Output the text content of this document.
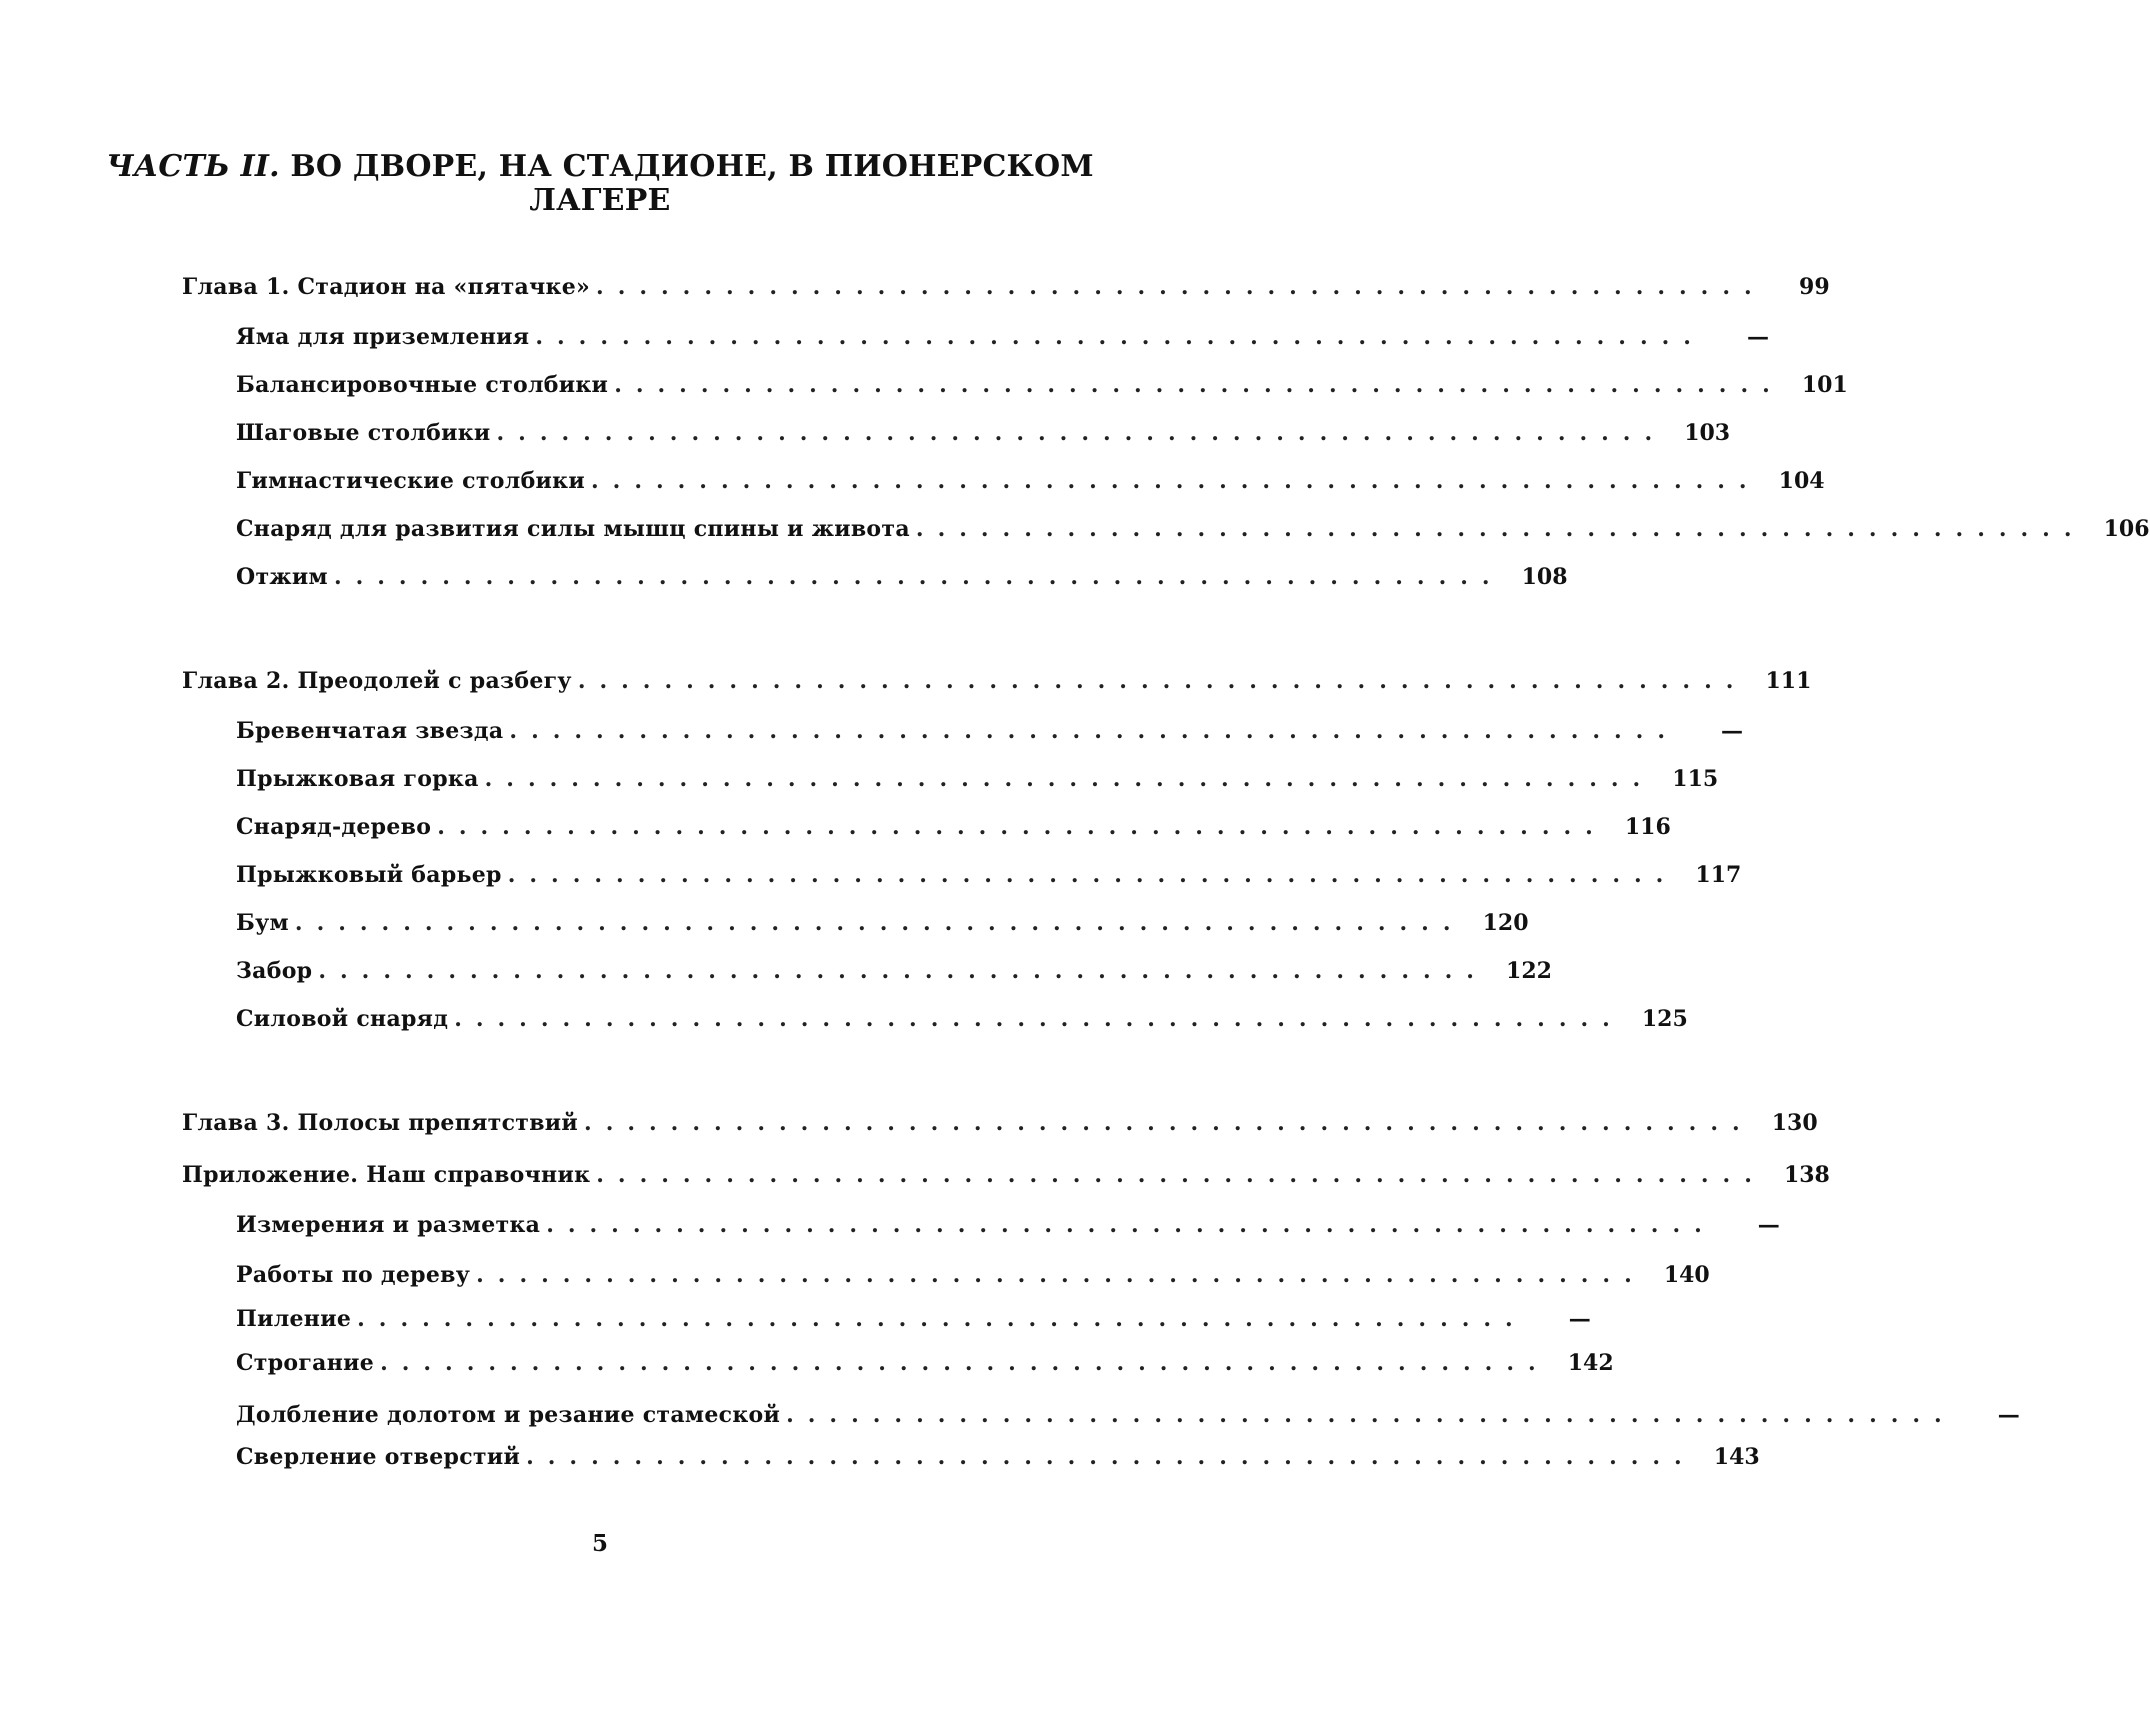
ЧАСТЬ II. ВО ДВОРЕ, НА СТАДИОНЕ, В ПИОНЕРСКОМ
ЛАГЕРЕ
Глава 1. Стадион на «пятачке» ......................................................	99
Яма для приземления ......................................................	—
Балансировочные столбики ...................................................... 101
Шаговые столбики ...................................................... 103
Гимнастические столбики ...................................................... 104
Снаряд для развития силы мышц спины и живота ...................................................... 106
Отжим ...................................................... 108
Глава 2. Преодолей с разбегу ...................................................... 111
Бревенчатая звезда ......................................................	—
Прыжковая горка ...................................................... 115
Снаряд-дерево ...................................................... 116
Прыжковый барьер ...................................................... 117
Бум ...................................................... 120
Забор ...................................................... 122
Силовой снаряд ...................................................... 125
Глава 3. Полосы препятствий ...................................................... 130
Приложение. Наш справочник ...................................................... 138
Измерения и разметка ......................................................	—
Работы по дереву ...................................................... 140
Пиление ......................................................	—
Строгание ...................................................... 142
Долбление долотом и резание стамеской ......................................................	—
Сверление отверстий ...................................................... 143
5
